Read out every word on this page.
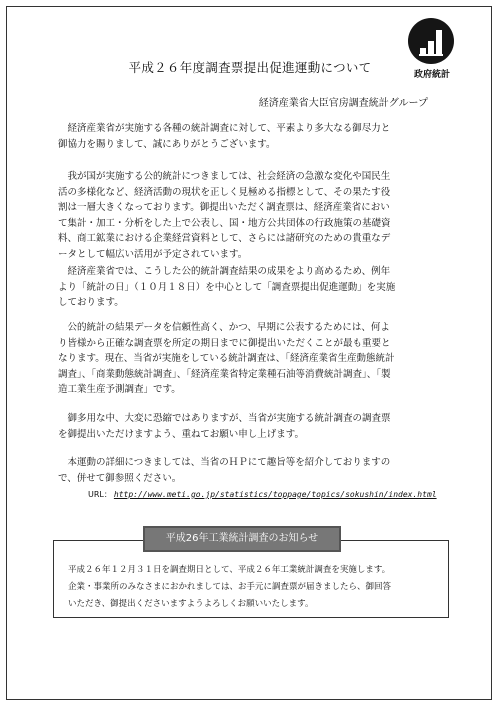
政府統計
平成２６年度調査票提出促進運動について
経済産業省大臣官房調査統計グループ

　経済産業省が実施する各種の統計調査に対して、平素より多大なる御尽力と
御協力を賜りまして、誠にありがとうございます。

　我が国が実施する公的統計につきましては、社会経済の急激な変化や国民生
活の多様化など、経済活動の現状を正しく見極める指標として、その果たす役
割は一層大きくなっております。御提出いただく調査票は、経済産業省におい
て集計・加工・分析をした上で公表し、国・地方公共団体の行政施策の基礎資
料、商工鉱業における企業経営資料として、さらには諸研究のための貴重なデ
ータとして幅広い活用が予定されています。

　経済産業省では、こうした公的統計調査結果の成果をより高めるため、例年
より「統計の日」（１０月１８日）を中心として「調査票提出促進運動」を実施
しております。

　公的統計の結果データを信頼性高く、かつ、早期に公表するためには、何よ
り皆様から正確な調査票を所定の期日までに御提出いただくことが最も重要と
なります。現在、当省が実施をしている統計調査は、「経済産業省生産動態統計
調査」、「商業動態統計調査」、「経済産業省特定業種石油等消費統計調査」、「製
造工業生産予測調査」です。

　御多用な中、大変に恐縮ではありますが、当省が実施する統計調査の調査票
を御提出いただけますよう、重ねてお願い申し上げます。

　本運動の詳細につきましては、当省のＨＰにて趣旨等を紹介しておりますの
で、併せて御参照ください。

URL： http://www.meti.go.jp/statistics/toppage/topics/sokushin/index.html
平成26年工業統計調査のお知らせ
平成２６年１２月３１日を調査期日として、平成２６年工業統計調査を実施します。
企業・事業所のみなさまにおかれましては、お手元に調査票が届きましたら、御回答
いただき、御提出くださいますようよろしくお願いいたします。
